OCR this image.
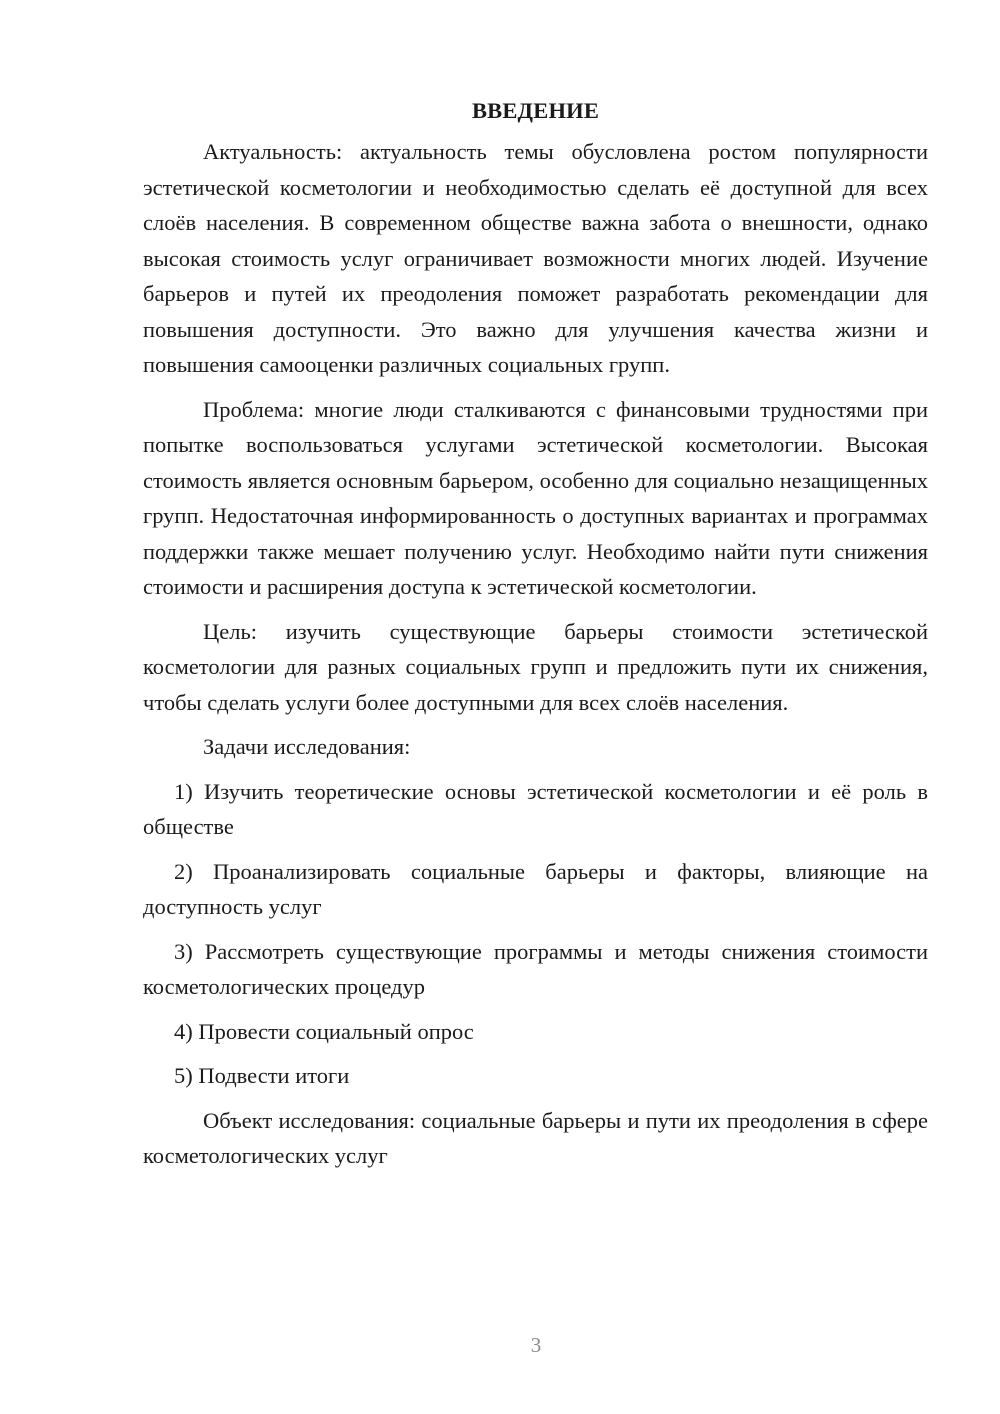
ВВЕДЕНИЕ

Актуальность: актуальность темы обусловлена ростом популярности эстетической косметологии и необходимостью сделать её доступной для всех слоёв населения. В современном обществе важна забота о внешности, однако высокая стоимость услуг ограничивает возможности многих людей. Изучение барьеров и путей их преодоления поможет разработать рекомендации для повышения доступности. Это важно для улучшения качества жизни и повышения самооценки различных социальных групп.

Проблема: многие люди сталкиваются с финансовыми трудностями при попытке воспользоваться услугами эстетической косметологии. Высокая стоимость является основным барьером, особенно для социально незащищенных групп. Недостаточная информированность о доступных вариантах и программах поддержки также мешает получению услуг. Необходимо найти пути снижения стоимости и расширения доступа к эстетической косметологии.

Цель: изучить существующие барьеры стоимости эстетической косметологии для разных социальных групп и предложить пути их снижения, чтобы сделать услуги более доступными для всех слоёв населения.

Задачи исследования:

1) Изучить теоретические основы эстетической косметологии и её роль в обществе

2) Проанализировать социальные барьеры и факторы, влияющие на доступность услуг

3) Рассмотреть существующие программы и методы снижения стоимости косметологических процедур

4) Провести социальный опрос

5) Подвести итоги

Объект исследования: социальные барьеры и пути их преодоления в сфере косметологических услуг

3
